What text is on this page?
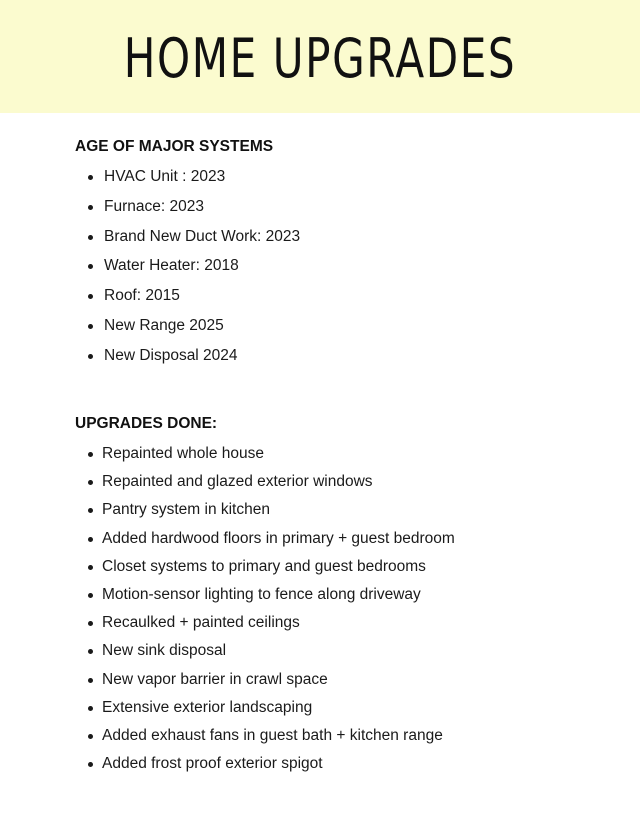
HOME UPGRADES
AGE OF MAJOR SYSTEMS
HVAC Unit : 2023
Furnace: 2023
Brand New Duct Work: 2023
Water Heater: 2018
Roof: 2015
New Range 2025
New Disposal 2024
UPGRADES DONE:
Repainted whole house
Repainted and glazed exterior windows
Pantry system in kitchen
Added hardwood floors in primary + guest bedroom
Closet systems to primary and guest bedrooms
Motion-sensor lighting to fence along driveway
Recaulked + painted ceilings
New sink disposal
New vapor barrier in crawl space
Extensive exterior landscaping
Added exhaust fans in guest bath + kitchen range
Added frost proof exterior spigot
